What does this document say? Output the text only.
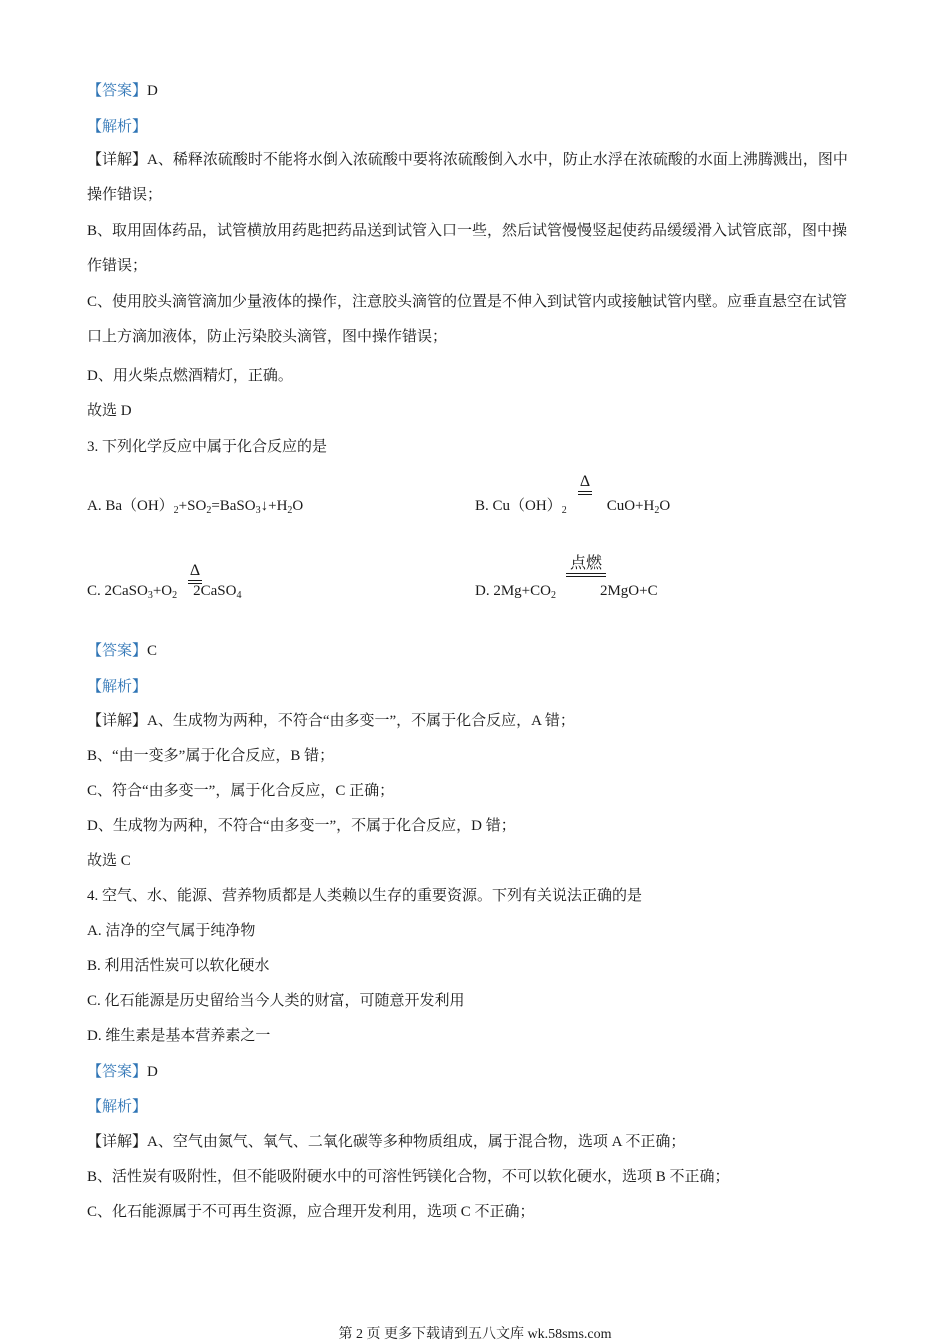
【答案】D
【解析】
【详解】A、稀释浓硫酸时不能将水倒入浓硫酸中要将浓硫酸倒入水中，防止水浮在浓硫酸的水面上沸腾溅出，图中操作错误；
B、取用固体药品，试管横放用药匙把药品送到试管入口一些，然后试管慢慢竖起使药品缓缓滑入试管底部，图中操作错误；
C、使用胶头滴管滴加少量液体的操作，注意胶头滴管的位置是不伸入到试管内或接触试管内壁。应垂直悬空在试管口上方滴加液体，防止污染胶头滴管，图中操作错误；
D、用火柴点燃酒精灯，正确。
故选 D
3. 下列化学反应中属于化合反应的是
A. $Ba(OH)_2+SO_2=BaSO_3↓+H_2O$	B. $Cu(OH)_2$	$CuO+H_2O$
Δ
C. $2CaSO_3+O_2$ 2CaSO$_4$
Δ
D. $2Mg+CO_2$	2MgO+C
点燃
【答案】C
【解析】
【详解】A、生成物为两种，不符合“由多变一”，不属于化合反应，A 错；
B、“由一变多”属于化合反应，B 错；
C、符合“由多变一”，属于化合反应，C 正确；
D、生成物为两种，不符合“由多变一”，不属于化合反应，D 错；
故选 C
4. 空气、水、能源、营养物质都是人类赖以生存的重要资源。下列有关说法正确的是
A. 洁净的空气属于纯净物
B. 利用活性炭可以软化硬水
C. 化石能源是历史留给当今人类的财富，可随意开发利用
D. 维生素是基本营养素之一
【答案】D
【解析】
【详解】A、空气由氮气、氧气、二氧化碳等多种物质组成，属于混合物，选项 A 不正确；
B、活性炭有吸附性，但不能吸附硬水中的可溶性钙镁化合物，不可以软化硬水，选项 B 不正确；
C、化石能源属于不可再生资源，应合理开发利用，选项 C 不正确；
第 2 页 更多下载请到五八文库 wk.58sms.com
